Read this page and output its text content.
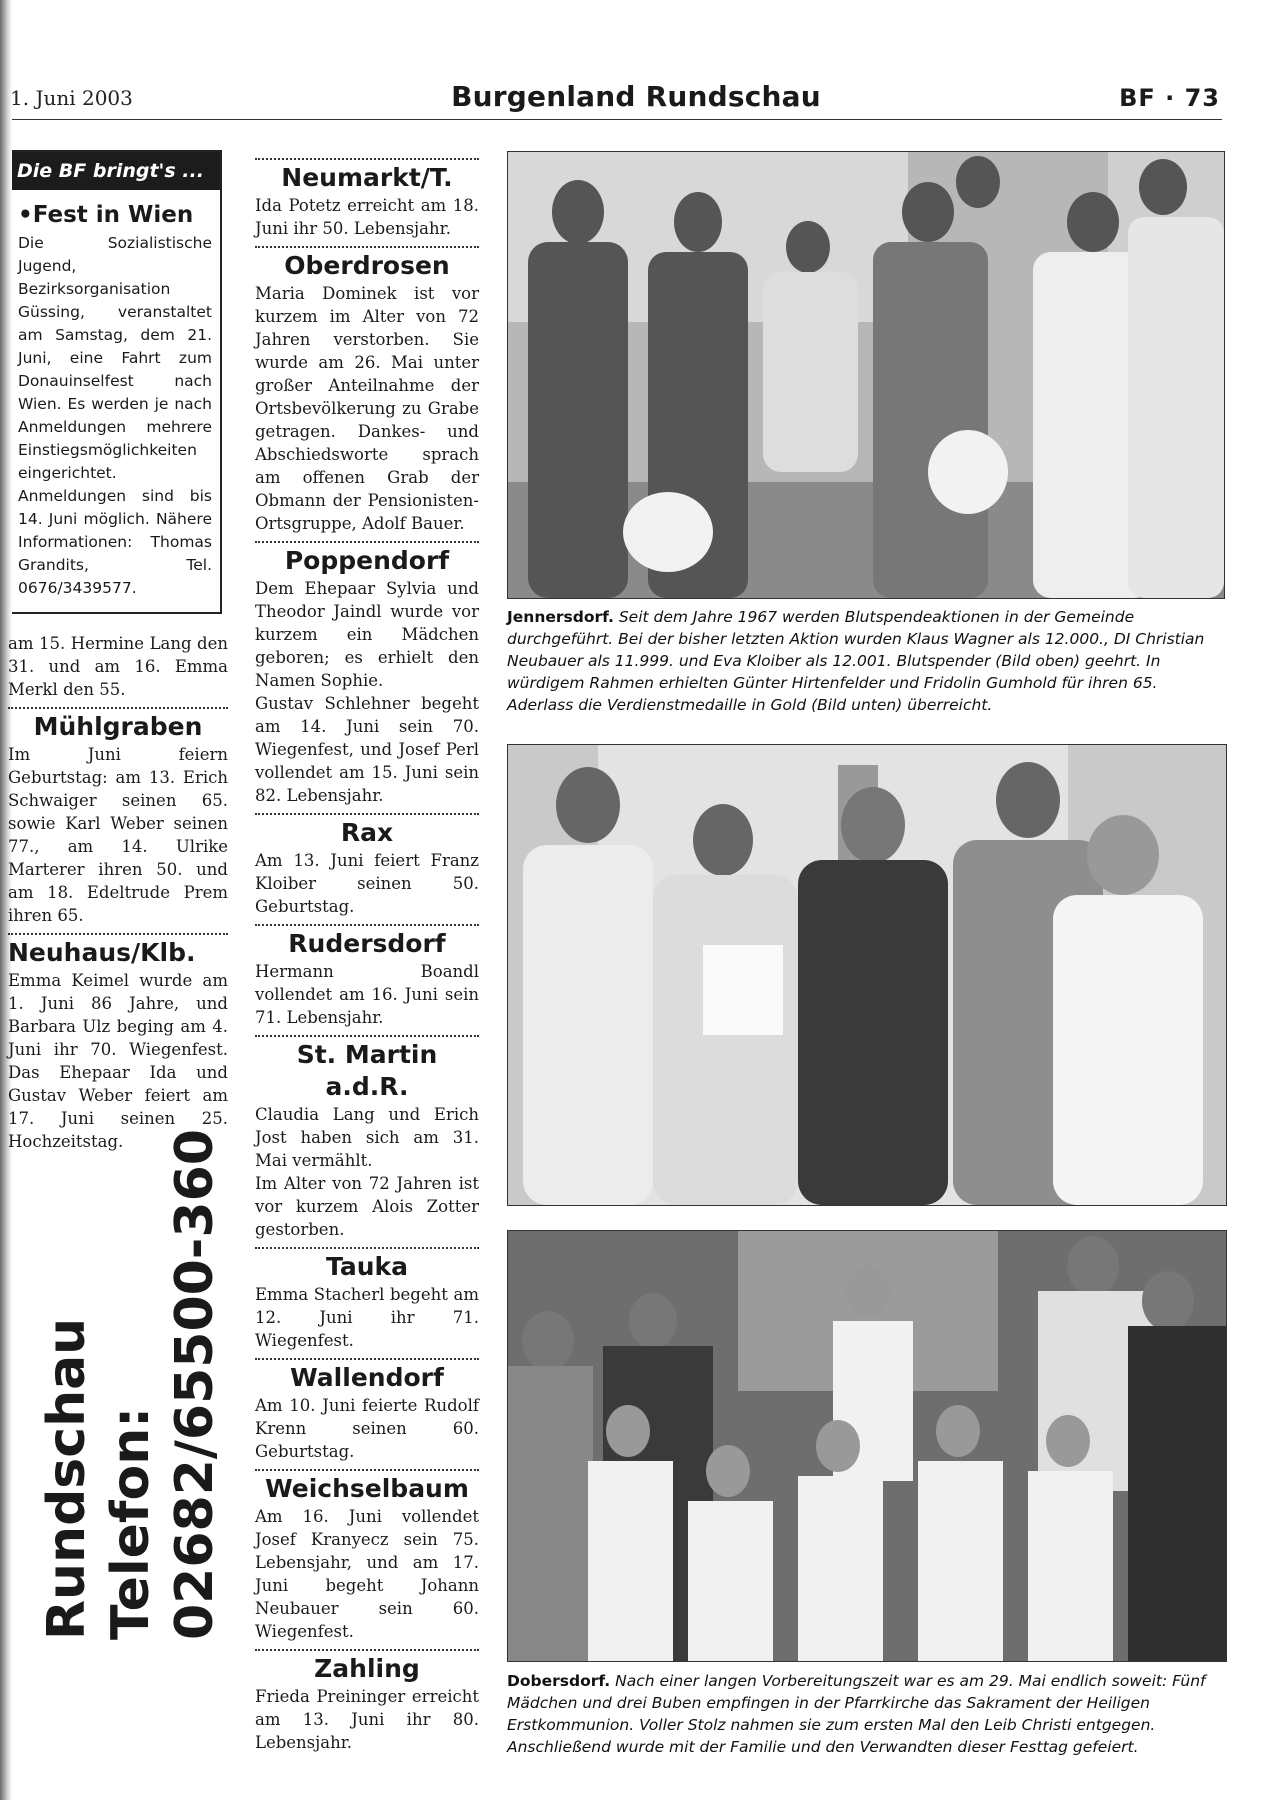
1. Juni 2003	Burgenland Rundschau	BF · 73
Die BF bringt's ...
•Fest in Wien
Die Sozialistische Jugend, Bezirksorganisation Güssing, veranstaltet am Samstag, dem 21. Juni, eine Fahrt zum Donauinselfest nach Wien. Es werden je nach Anmeldungen mehrere Einstiegsmöglichkeiten eingerichtet. Anmeldungen sind bis 14. Juni möglich. Nähere Informationen: Thomas Grandits, Tel. 0676/3439577.

am 15. Hermine Lang den 31. und am 16. Emma Merkl den 55.

Mühlgraben

Im Juni feiern Geburtstag: am 13. Erich Schwaiger seinen 65. sowie Karl Weber seinen 77., am 14. Ulrike Marterer ihren 50. und am 18. Edeltrude Prem ihren 65.

Neuhaus/Klb.

Emma Keimel wurde am 1. Juni 86 Jahre, und Barbara Ulz beging am 4. Juni ihr 70. Wiegenfest. Das Ehepaar Ida und Gustav Weber feiert am 17. Juni seinen 25. Hochzeitstag.

Rundschau Telefon: 02682/65500-360
Neumarkt/T.

Ida Potetz erreicht am 18. Juni ihr 50. Lebensjahr.

Oberdrosen

Maria Dominek ist vor kurzem im Alter von 72 Jahren verstorben. Sie wurde am 26. Mai unter großer Anteilnahme der Ortsbevölkerung zu Grabe getragen. Dankes- und Abschiedsworte sprach am offenen Grab der Obmann der Pensionisten-Ortsgruppe, Adolf Bauer.

Poppendorf

Dem Ehepaar Sylvia und Theodor Jaindl wurde vor kurzem ein Mädchen geboren; es erhielt den Namen Sophie.

Gustav Schlehner begeht am 14. Juni sein 70. Wiegenfest, und Josef Perl vollendet am 15. Juni sein 82. Lebensjahr.

Rax

Am 13. Juni feiert Franz Kloiber seinen 50. Geburtstag.

Rudersdorf

Hermann Boandl vollendet am 16. Juni sein 71. Lebensjahr.

St. Martin a.d.R.

Claudia Lang und Erich Jost haben sich am 31. Mai vermählt.

Im Alter von 72 Jahren ist vor kurzem Alois Zotter gestorben.

Tauka

Emma Stacherl begeht am 12. Juni ihr 71. Wiegenfest.

Wallendorf

Am 10. Juni feierte Rudolf Krenn seinen 60. Geburtstag.

Weichselbaum

Am 16. Juni vollendet Josef Kranyecz sein 75. Lebensjahr, und am 17. Juni begeht Johann Neubauer sein 60. Wiegenfest.

Zahling

Frieda Preininger erreicht am 13. Juni ihr 80. Lebensjahr.

Jennersdorf. Seit dem Jahre 1967 werden Blutspendeaktionen in der Gemeinde durchgeführt. Bei der bisher letzten Aktion wurden Klaus Wagner als 12.000., DI Christian Neubauer als 11.999. und Eva Kloiber als 12.001. Blutspender (Bild oben) geehrt. In würdigem Rahmen erhielten Günter Hirtenfelder und Fridolin Gumhold für ihren 65. Aderlass die Verdienstmedaille in Gold (Bild unten) überreicht.
Dobersdorf. Nach einer langen Vorbereitungszeit war es am 29. Mai endlich soweit: Fünf Mädchen und drei Buben empfingen in der Pfarrkirche das Sakrament der Heiligen Erstkommunion. Voller Stolz nahmen sie zum ersten Mal den Leib Christi entgegen. Anschließend wurde mit der Familie und den Verwandten dieser Festtag gefeiert.
